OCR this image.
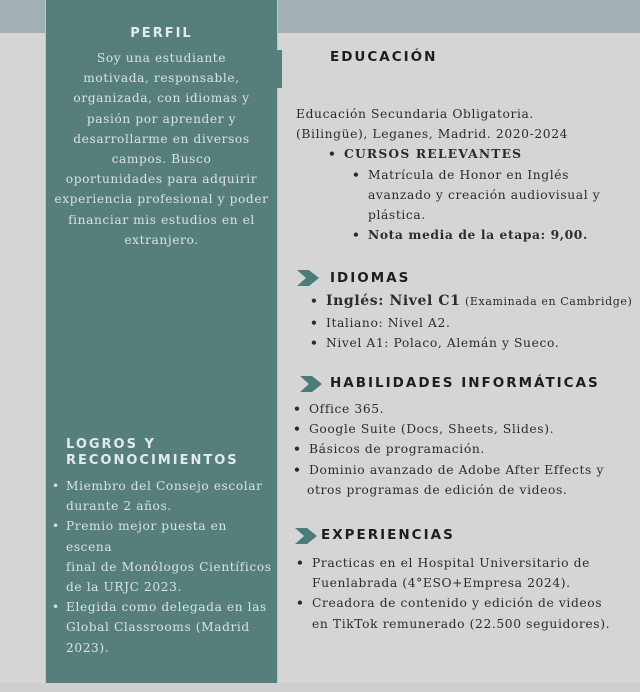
PERFIL
Soy una estudiante
motivada, responsable,
organizada, con idiomas y
pasión por aprender y
desarrollarme en diversos
campos. Busco
oportunidades para adquirir
experiencia profesional y poder
financiar mis estudios en el
extranjero.
LOGROS Y
RECONOCIMIENTOS
• Miembro del Consejo escolar
durante 2 años.
• Premio mejor puesta en escena
final de Monólogos Científicos
de la URJC 2023.
• Elegida como delegada en las
Global Classrooms (Madrid
2023).
EDUCACIÓN
Educación Secundaria Obligatoria.
(Bilingüe), Leganes, Madrid. 2020-2024
• CURSOS RELEVANTES
• Matrícula de Honor en Inglés
avanzado y creación audiovisual y
plástica.
• Nota media de la etapa: 9,00.
IDIOMAS
• Inglés: Nivel C1 (Examinada en Cambridge)
• Italiano: Nivel A2.
• Nivel A1: Polaco, Alemán y Sueco.
HABILIDADES INFORMÁTICAS
• Office 365.
• Google Suite (Docs, Sheets, Slides).
• Básicos de programación.
• Dominio avanzado de Adobe After Effects y
otros programas de edición de videos.
EXPERIENCIAS
• Practicas en el Hospital Universitario de
Fuenlabrada (4°ESO+Empresa 2024).
• Creadora de contenido y edición de videos
en TikTok remunerado (22.500 seguidores).
